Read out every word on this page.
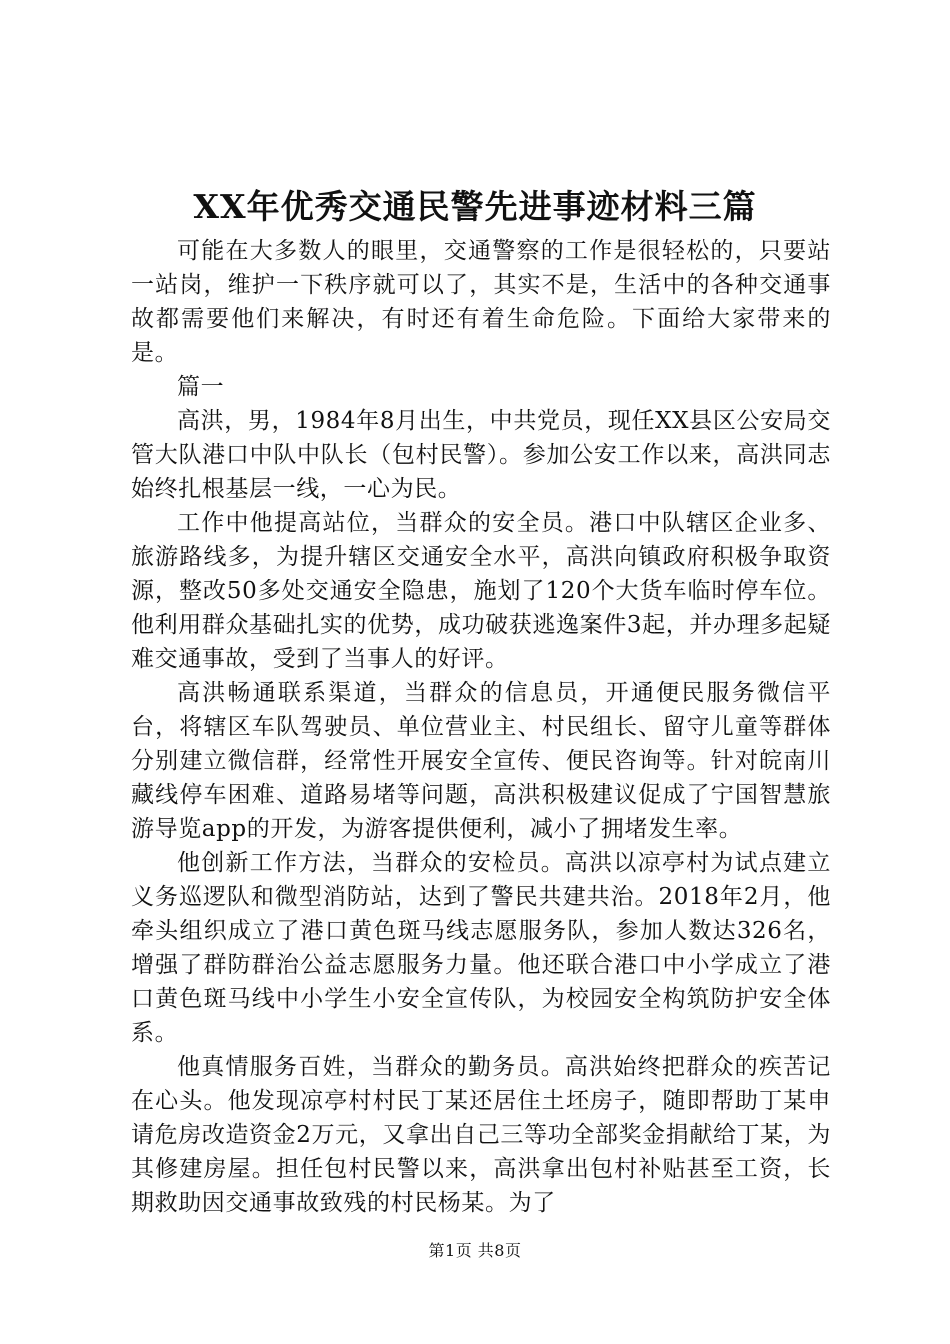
XX年优秀交通民警先进事迹材料三篇

可能在大多数人的眼里，交通警察的工作是很轻松的，只要站一站岗，维护一下秩序就可以了，其实不是，生活中的各种交通事故都需要他们来解决，有时还有着生命危险。下面给大家带来的是。

篇一

高洪，男，1984年8月出生，中共党员，现任XX县区公安局交管大队港口中队中队长（包村民警）。参加公安工作以来，高洪同志始终扎根基层一线，一心为民。

工作中他提高站位，当群众的安全员。港口中队辖区企业多、旅游路线多，为提升辖区交通安全水平，高洪向镇政府积极争取资源，整改50多处交通安全隐患，施划了120个大货车临时停车位。他利用群众基础扎实的优势，成功破获逃逸案件3起，并办理多起疑难交通事故，受到了当事人的好评。

高洪畅通联系渠道，当群众的信息员，开通便民服务微信平台，将辖区车队驾驶员、单位营业主、村民组长、留守儿童等群体分别建立微信群，经常性开展安全宣传、便民咨询等。针对皖南川藏线停车困难、道路易堵等问题，高洪积极建议促成了宁国智慧旅游导览app的开发，为游客提供便利，减小了拥堵发生率。

他创新工作方法，当群众的安检员。高洪以凉亭村为试点建立义务巡逻队和微型消防站，达到了警民共建共治。2018年2月，他牵头组织成立了港口黄色斑马线志愿服务队，参加人数达326名，增强了群防群治公益志愿服务力量。他还联合港口中小学成立了港口黄色斑马线中小学生小安全宣传队，为校园安全构筑防护安全体系。

他真情服务百姓，当群众的勤务员。高洪始终把群众的疾苦记在心头。他发现凉亭村村民丁某还居住土坯房子，随即帮助丁某申请危房改造资金2万元，又拿出自己三等功全部奖金捐献给丁某，为其修建房屋。担任包村民警以来，高洪拿出包村补贴甚至工资，长期救助因交通事故致残的村民杨某。为了

第1页 共8页
